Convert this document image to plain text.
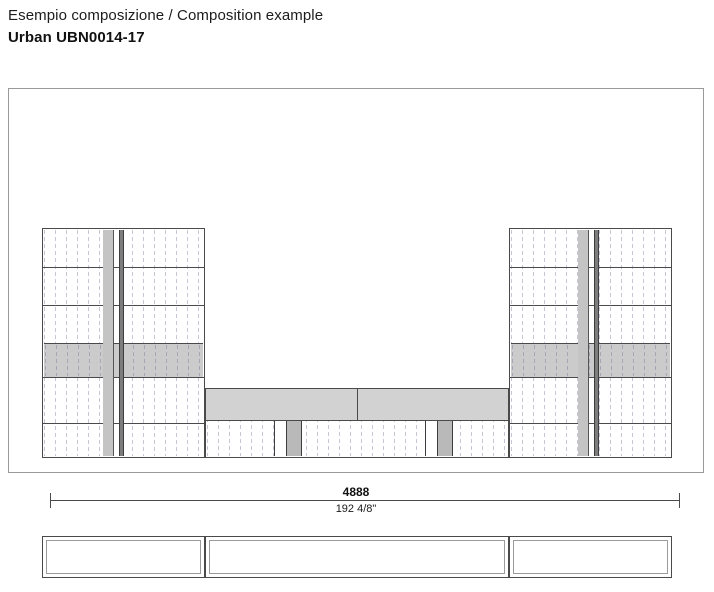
Esempio composizione / Composition example
Urban UBN0014-17
4888
192 4/8"
